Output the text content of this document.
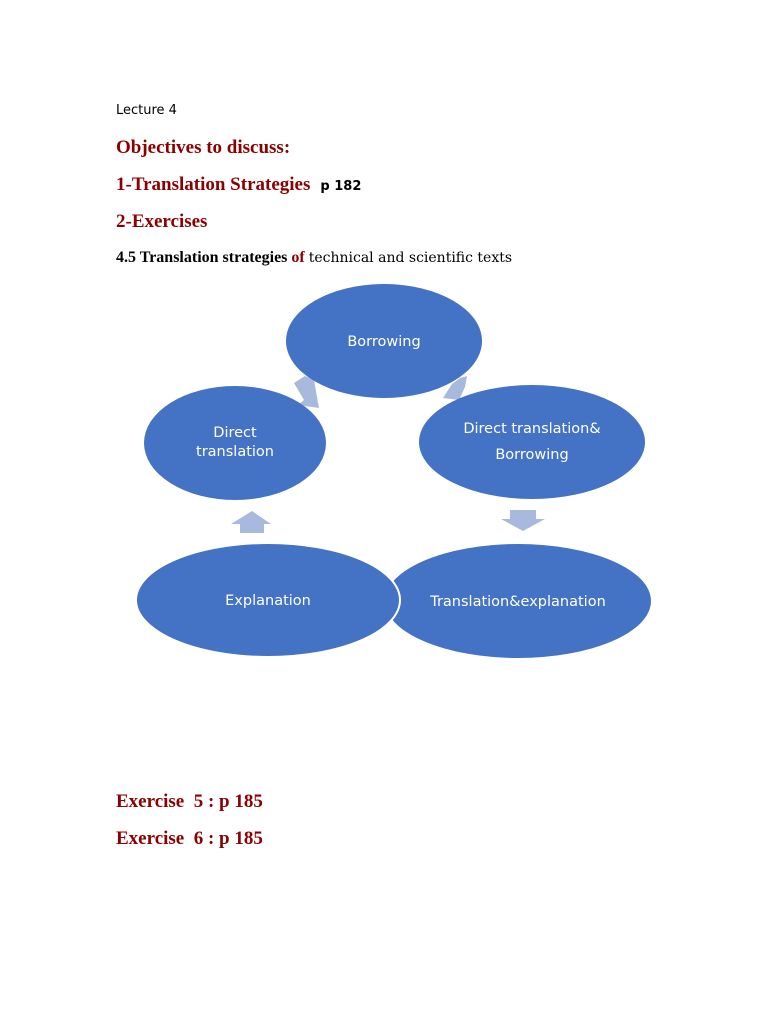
Lecture 4
Objectives to discuss:
1-Translation Strategies p 182
2-Exercises
4.5 Translation strategies of technical and scientific texts
Borrowing
Direct translation&
Borrowing
Translation&explanation
Explanation
Direct
translation
Exercise  5 : p 185
Exercise  6 : p 185
